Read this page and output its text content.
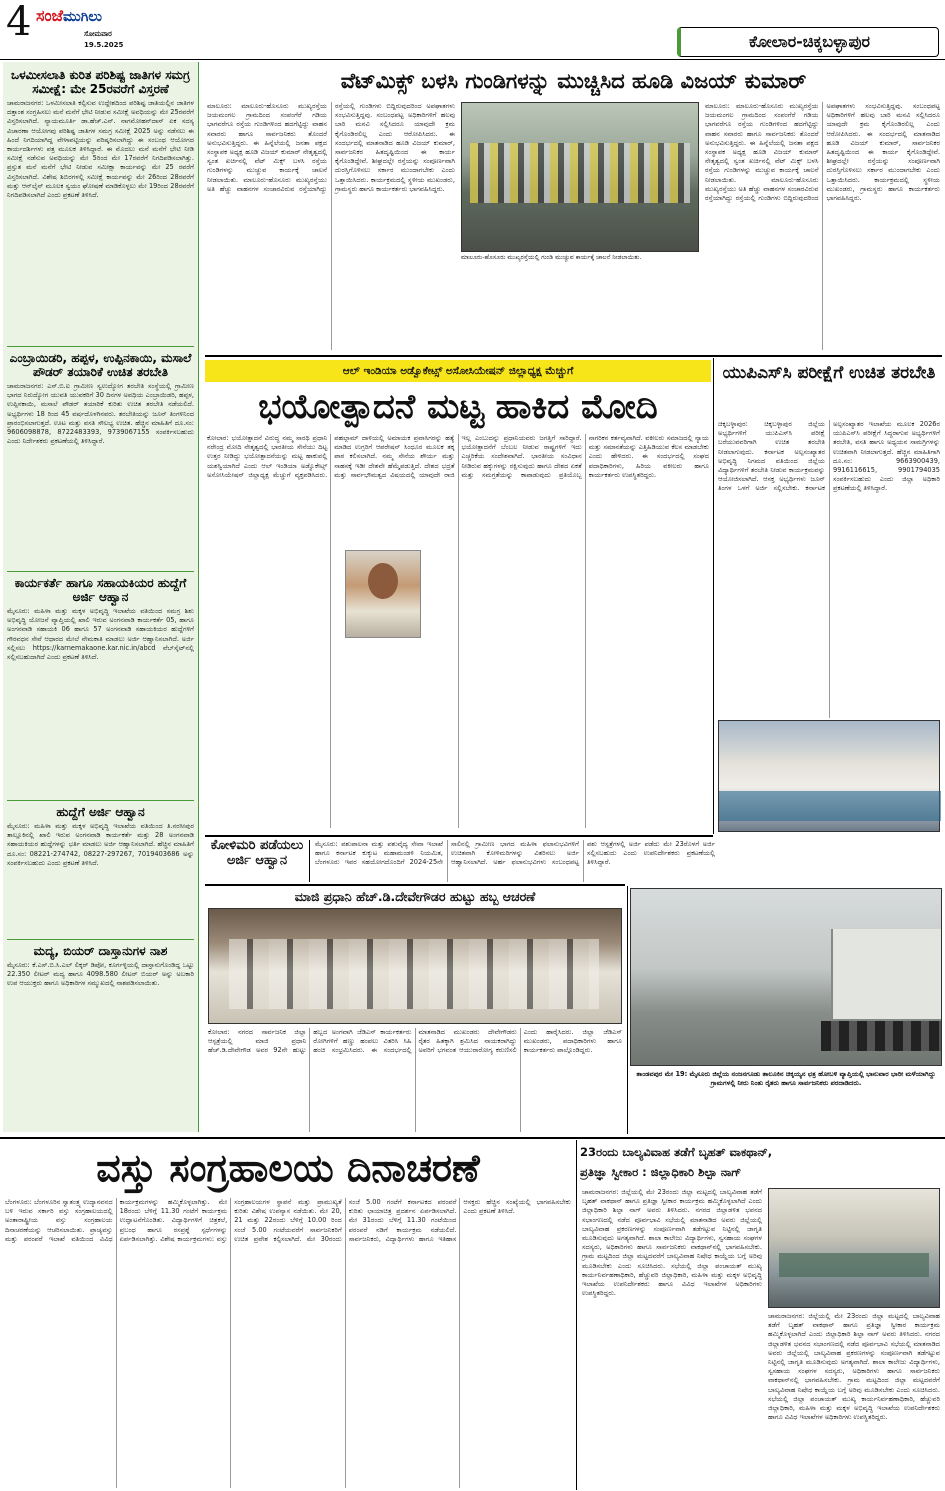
4 ಸಂಜೆಮುಗಿಲು
ಸೋಮವಾರ
19.5.2025	ಕೋಲಾರ-ಚಿಕ್ಕಬಳ್ಳಾಪುರ
ಒಳಮೀಸಲಾತಿ ಕುರಿತ ಪರಿಶಿಷ್ಟ ಜಾತಿಗಳ ಸಮಗ್ರ ಸಮೀಕ್ಷೆ: ಮೇ 25ರವರೆಗೆ ವಿಸ್ತರಣೆ
ಚಾಮರಾಜನಗರ: ಒಳಮೀಸಲಾತಿ ಕಲ್ಪಿಸುವ ಉದ್ದೇಶದಿಂದ ಪರಿಶಿಷ್ಟ ಜಾತಿಯಲ್ಲಿನ ಜಾತಿಗಳ ದತ್ತಾಂಶ ಸಂಗ್ರಹಿಸಲು ಮನೆ ಮನೆಗೆ ಭೇಟಿ ನೀಡುವ ಸಮೀಕ್ಷೆ ಅವಧಿಯನ್ನು ಮೇ 25ರವರೆಗೆ ವಿಸ್ತರಿಸಲಾಗಿದೆ. ನ್ಯಾಯಮೂರ್ತಿ ಡಾ.ಹೆಚ್.ಎನ್. ನಾಗಮೋಹನ್‌ದಾಸ್ ಏಕ ಸದಸ್ಯ ವಿಚಾರಣಾ ಆಯೋಗವು ಪರಿಶಿಷ್ಟ ಜಾತಿಗಳ ಸಮಗ್ರ ಸಮೀಕ್ಷೆ 2025 ಅನ್ನು ನಡೆಸಲು ಈ ಹಿಂದೆ ನಿಗದಿಯಾಗಿದ್ದ ವೇಳಾಪಟ್ಟಿಯನ್ನು ಪರಿಷ್ಕರಿಸಲಾಗಿದ್ದು ಈ ಸಂಬಂಧ ಆಯೋಗದ ಕಾರ್ಯದರ್ಶಿಗಳು ಪತ್ರ ಮೂಲಕ ತಿಳಿಸಿದ್ದಾರೆ. ಈ ಮೊದಲು ಮನೆ ಮನೆಗೆ ಭೇಟಿ ನೀಡಿ ಸಮೀಕ್ಷೆ ನಡೆಸುವ ಅವಧಿಯನ್ನು ಮೇ 5ರಿಂದ ಮೇ 17ರವರೆಗೆ ನಿಗದಿಪಡಿಸಲಾಗಿತ್ತು. ಪ್ರಸ್ತುತ ಮನೆ ಮನೆಗೆ ಭೇಟಿ ನೀಡುವ ಸಮೀಕ್ಷಾ ಕಾರ್ಯವನ್ನು ಮೇ 25 ರವರೆಗೆ ವಿಸ್ತರಿಸಲಾಗಿದೆ. ವಿಶೇಷ ಶಿಬಿರಗಳಲ್ಲಿ ಸಮೀಕ್ಷೆ ಕಾರ್ಯವನ್ನು ಮೇ 26ರಿಂದ 28ರವರೆಗೆ ಮತ್ತು ಆನ್‌ಲೈನ್ ಮೂಲಕ ಸ್ವಯಂ ಘೋಷಣೆ ಮಾಡಿಕೊಳ್ಳಲು ಮೇ 19ರಿಂದ 28ರವರೆಗೆ ನಿಗದಿಪಡಿಸಲಾಗಿದೆ ಎಂದು ಪ್ರಕಟಣೆ ತಿಳಿಸಿದೆ.
ಎಂಬ್ರಾಯಿಡರಿ, ಹಪ್ಪಳ, ಉಪ್ಪಿನಕಾಯಿ, ಮಸಾಲೆ ಪೌಡರ್ ತಯಾರಿಕೆ ಉಚಿತ ತರಬೇತಿ
ಚಾಮರಾಜನಗರ: ಎಸ್.ಬಿ.ಐ ಗ್ರಾಮೀಣ ಸ್ವಉದ್ಯೋಗ ತರಬೇತಿ ಸಂಸ್ಥೆಯಲ್ಲಿ ಗ್ರಾಮೀಣ ಭಾಗದ ನಿರುದ್ಯೋಗ ಯುವತಿ ಯುವಕರಿಗೆ 30 ದಿನಗಳ ಅವಧಿಯ ಎಂಬ್ರಾಯಿಡರಿ, ಹಪ್ಪಳ, ಉಪ್ಪಿನಕಾಯಿ, ಮಸಾಲೆ ಪೌಡರ್ ತಯಾರಿಕೆ ಕುರಿತು ಉಚಿತ ತರಬೇತಿ ನಡೆಯಲಿದೆ. ಅಭ್ಯರ್ಥಿಗಳು 18 ರಿಂದ 45 ವರ್ಷದೊಳಗಿನವರು. ತರಬೇತಿಯನ್ನು ಜೂನ್ ತಿಂಗಳಿನಿಂದ ಪ್ರಾರಂಭಿಸಲಾಗುತ್ತದೆ. ಊಟ ಮತ್ತು ವಸತಿ ಸೌಲಭ್ಯ ಉಚಿತ. ಹೆಚ್ಚಿನ ಮಾಹಿತಿಗೆ ದೂ.ಸಂ: 9606098878, 8722483393, 9739067155 ಸಂಪರ್ಕಿಸಬಹುದು ಎಂದು ನಿರ್ದೇಶಕರು ಪ್ರಕಟಣೆಯಲ್ಲಿ ತಿಳಿಸಿದ್ದಾರೆ.
ಕಾರ್ಯಕರ್ತೆ ಹಾಗೂ ಸಹಾಯಕಿಯರ ಹುದ್ದೆಗೆ ಅರ್ಜಿ ಆಹ್ವಾನ
ಮೈಸೂರು: ಮಹಿಳಾ ಮತ್ತು ಮಕ್ಕಳ ಅಭಿವೃದ್ಧಿ ಇಲಾಖೆಯ ವತಿಯಿಂದ ಸಮಗ್ರ ಶಿಶು ಅಭಿವೃದ್ಧಿ ಯೋಜನೆ ವ್ಯಾಪ್ತಿಯಲ್ಲಿ ಖಾಲಿ ಇರುವ ಅಂಗನವಾಡಿ ಕಾರ್ಯಕರ್ತೆ 05, ಹಾಗೂ ಅಂಗನವಾಡಿ ಸಹಾಯಕಿ 06 ಹಾಗೂ 57 ಅಂಗನವಾಡಿ ಸಹಾಯಕಿಯರ ಹುದ್ದೆಗಳಿಗೆ ಗೌರವಧನ ಸೇವೆ ಆಧಾರದ ಮೇಲೆ ನೇಮಕಾತಿ ಮಾಡಲು ಅರ್ಜಿ ಆಹ್ವಾನಿಸಲಾಗಿದೆ. ಅರ್ಜಿ ಸಲ್ಲಿಸಲು https://karnemakaone.kar.nic.in/abcd ವೆಬ್‌ಸೈಟ್‌ನಲ್ಲಿ ಸಲ್ಲಿಸಬಹುದಾಗಿದೆ ಎಂದು ಪ್ರಕಟಣೆ ತಿಳಿಸಿದೆ.
ಹುದ್ದೆಗೆ ಅರ್ಜಿ ಆಹ್ವಾನ
ಮೈಸೂರು: ಮಹಿಳಾ ಮತ್ತು ಮಕ್ಕಳ ಅಭಿವೃದ್ಧಿ ಇಲಾಖೆಯ ವತಿಯಿಂದ ತಿ.ನರಸೀಪುರ ತಾಲ್ಲೂಕಿನಲ್ಲಿ ಖಾಲಿ ಇರುವ ಅಂಗನವಾಡಿ ಕಾರ್ಯಕರ್ತೆ ಮತ್ತು 28 ಅಂಗನವಾಡಿ ಸಹಾಯಕಿಯರ ಹುದ್ದೆಗಳನ್ನು ಭರ್ತಿ ಮಾಡಲು ಅರ್ಜಿ ಆಹ್ವಾನಿಸಲಾಗಿದೆ. ಹೆಚ್ಚಿನ ಮಾಹಿತಿಗೆ ದೂ.ಸಂ: 08221-274742, 08227-297267, 7019403686 ಅನ್ನು ಸಂಪರ್ಕಿಸಬಹುದು ಎಂದು ಪ್ರಕಟಣೆ ತಿಳಿಸಿದೆ.
ಮದ್ಯ, ಬಿಯರ್ ದಾಸ್ತಾನುಗಳ ನಾಶ
ಮೈಸೂರು: ಕೆ.ಎಸ್.ಬಿ.ಸಿ.ಎಲ್ ಲಿಕ್ಕರ್ ಡಿಪೋ, ಕೂರ್ಗಳ್ಳಿಯಲ್ಲಿ ದಾಸ್ತಾನುಗೊಂಡಿದ್ದ ಒಟ್ಟು 22.350 ಲೀಟರ್ ಮದ್ಯ ಹಾಗೂ 4098.580 ಲೀಟರ್ ಬಿಯರ್ ಅನ್ನು ಅಬಕಾರಿ ಉಪ ಆಯುಕ್ತರು ಹಾಗೂ ಅಧಿಕಾರಿಗಳ ಸಮ್ಮುಖದಲ್ಲಿ ನಾಶಪಡಿಸಲಾಯಿತು.
ವೆಟ್‌ಮಿಕ್ಸ್ ಬಳಸಿ ಗುಂಡಿಗಳನ್ನು ಮುಚ್ಚಿಸಿದ ಹೂಡಿ ವಿಜಯ್ ಕುಮಾರ್
ಮಾಲೂರು: ಮಾಲೂರು-ಹೊಸೂರು ಮುಖ್ಯರಸ್ತೆಯ ಜಯಮಂಗಲ ಗ್ರಾಮದಿಂದ ಸಂಪಂಗೆರೆ ಗಡಿಯ ಭಾಗವರೆಗೂ ರಸ್ತೆಯ ಗುಂಡಿಗಳಿಂದ ಹದಗೆಟ್ಟಿದ್ದು ವಾಹನ ಸವಾರರು ಹಾಗೂ ಸಾರ್ವಜನಿಕರು ತೊಂದರೆ ಅನುಭವಿಸುತ್ತಿದ್ದರು. ಈ ಹಿನ್ನೆಲೆಯಲ್ಲಿ ಜನತಾ ಪಕ್ಷದ ಸಂಸ್ಥಾಪಕ ಅಧ್ಯಕ್ಷ ಹೂಡಿ ವಿಜಯ್ ಕುಮಾರ್ ನೇತೃತ್ವದಲ್ಲಿ ಸ್ವಂತ ಖರ್ಚಿನಲ್ಲಿ ವೆಟ್ ಮಿಕ್ಸ್ ಬಳಸಿ ರಸ್ತೆಯ ಗುಂಡಿಗಳನ್ನು ಮುಚ್ಚುವ ಕಾರ್ಯಕ್ಕೆ ಚಾಲನೆ ನೀಡಲಾಯಿತು. ಮಾಲೂರು-ಹೊಸೂರು ಮುಖ್ಯರಸ್ತೆಯು ಅತಿ ಹೆಚ್ಚು ವಾಹನಗಳ ಸಂಚಾರವಿರುವ ರಸ್ತೆಯಾಗಿದ್ದು ರಸ್ತೆಯಲ್ಲಿ ಗುಂಡಿಗಳು ಬಿದ್ದಿರುವುದರಿಂದ ಅಪಘಾತಗಳು ಸಂಭವಿಸುತ್ತಿದ್ದವು. ಸಂಬಂಧಪಟ್ಟ ಅಧಿಕಾರಿಗಳಿಗೆ ಹಲವು ಬಾರಿ ಮನವಿ ಸಲ್ಲಿಸಿದರೂ ಯಾವುದೇ ಕ್ರಮ ಕೈಗೊಂಡಿರಲಿಲ್ಲ ಎಂದು ಆರೋಪಿಸಿದರು. ಈ ಸಂದರ್ಭದಲ್ಲಿ ಮಾತನಾಡಿದ ಹೂಡಿ ವಿಜಯ್ ಕುಮಾರ್, ಸಾರ್ವಜನಿಕರ ಹಿತದೃಷ್ಟಿಯಿಂದ ಈ ಕಾರ್ಯ ಕೈಗೊಂಡಿದ್ದೇವೆ. ಶೀಘ್ರದಲ್ಲೇ ರಸ್ತೆಯನ್ನು ಸಂಪೂರ್ಣವಾಗಿ ದುರಸ್ತಿಗೊಳಿಸಲು ಸರ್ಕಾರ ಮುಂದಾಗಬೇಕು ಎಂದು ಒತ್ತಾಯಿಸಿದರು. ಕಾರ್ಯಕ್ರಮದಲ್ಲಿ ಸ್ಥಳೀಯ ಮುಖಂಡರು, ಗ್ರಾಮಸ್ಥರು ಹಾಗೂ ಕಾರ್ಯಕರ್ತರು ಭಾಗವಹಿಸಿದ್ದರು.
ಮಾಲೂರು-ಹೊಸೂರು ಮುಖ್ಯರಸ್ತೆಯಲ್ಲಿ ಗುಂಡಿ ಮುಚ್ಚುವ ಕಾರ್ಯಕ್ಕೆ ಚಾಲನೆ ನೀಡಲಾಯಿತು.
ಮಾಲೂರು: ಮಾಲೂರು-ಹೊಸೂರು ಮುಖ್ಯರಸ್ತೆಯ ಜಯಮಂಗಲ ಗ್ರಾಮದಿಂದ ಸಂಪಂಗೆರೆ ಗಡಿಯ ಭಾಗವರೆಗೂ ರಸ್ತೆಯ ಗುಂಡಿಗಳಿಂದ ಹದಗೆಟ್ಟಿದ್ದು ವಾಹನ ಸವಾರರು ಹಾಗೂ ಸಾರ್ವಜನಿಕರು ತೊಂದರೆ ಅನುಭವಿಸುತ್ತಿದ್ದರು. ಈ ಹಿನ್ನೆಲೆಯಲ್ಲಿ ಜನತಾ ಪಕ್ಷದ ಸಂಸ್ಥಾಪಕ ಅಧ್ಯಕ್ಷ ಹೂಡಿ ವಿಜಯ್ ಕುಮಾರ್ ನೇತೃತ್ವದಲ್ಲಿ ಸ್ವಂತ ಖರ್ಚಿನಲ್ಲಿ ವೆಟ್ ಮಿಕ್ಸ್ ಬಳಸಿ ರಸ್ತೆಯ ಗುಂಡಿಗಳನ್ನು ಮುಚ್ಚುವ ಕಾರ್ಯಕ್ಕೆ ಚಾಲನೆ ನೀಡಲಾಯಿತು. ಮಾಲೂರು-ಹೊಸೂರು ಮುಖ್ಯರಸ್ತೆಯು ಅತಿ ಹೆಚ್ಚು ವಾಹನಗಳ ಸಂಚಾರವಿರುವ ರಸ್ತೆಯಾಗಿದ್ದು ರಸ್ತೆಯಲ್ಲಿ ಗುಂಡಿಗಳು ಬಿದ್ದಿರುವುದರಿಂದ ಅಪಘಾತಗಳು ಸಂಭವಿಸುತ್ತಿದ್ದವು. ಸಂಬಂಧಪಟ್ಟ ಅಧಿಕಾರಿಗಳಿಗೆ ಹಲವು ಬಾರಿ ಮನವಿ ಸಲ್ಲಿಸಿದರೂ ಯಾವುದೇ ಕ್ರಮ ಕೈಗೊಂಡಿರಲಿಲ್ಲ ಎಂದು ಆರೋಪಿಸಿದರು. ಈ ಸಂದರ್ಭದಲ್ಲಿ ಮಾತನಾಡಿದ ಹೂಡಿ ವಿಜಯ್ ಕುಮಾರ್, ಸಾರ್ವಜನಿಕರ ಹಿತದೃಷ್ಟಿಯಿಂದ ಈ ಕಾರ್ಯ ಕೈಗೊಂಡಿದ್ದೇವೆ. ಶೀಘ್ರದಲ್ಲೇ ರಸ್ತೆಯನ್ನು ಸಂಪೂರ್ಣವಾಗಿ ದುರಸ್ತಿಗೊಳಿಸಲು ಸರ್ಕಾರ ಮುಂದಾಗಬೇಕು ಎಂದು ಒತ್ತಾಯಿಸಿದರು. ಕಾರ್ಯಕ್ರಮದಲ್ಲಿ ಸ್ಥಳೀಯ ಮುಖಂಡರು, ಗ್ರಾಮಸ್ಥರು ಹಾಗೂ ಕಾರ್ಯಕರ್ತರು ಭಾಗವಹಿಸಿದ್ದರು.
ಆಲ್ ಇಂಡಿಯಾ ಅಡ್ವೊಕೇಟ್ಸ್ ಅಸೋಸಿಯೇಷನ್ ಜಿಲ್ಲಾಧ್ಯಕ್ಷ ಮೆಚ್ಚುಗೆ
ಭಯೋತ್ಪಾದನೆ ಮಟ್ಟ ಹಾಕಿದ ಮೋದಿ
ಕೋಲಾರ: ಭಯೋತ್ಪಾದನೆ ವಿರುದ್ಧ ನಮ್ಮ ಸಾರಥಿ ಪ್ರಧಾನಿ ನರೇಂದ್ರ ಮೋದಿ ನೇತೃತ್ವದಲ್ಲಿ ಭಾರತೀಯ ಸೇನೆಯು ದಿಟ್ಟ ಉತ್ತರ ನೀಡಿದ್ದು ಭಯೋತ್ಪಾದನೆಯನ್ನು ಮಟ್ಟ ಹಾಕುವಲ್ಲಿ ಯಶಸ್ವಿಯಾಗಿದೆ ಎಂದು ಆಲ್ ಇಂಡಿಯಾ ಅಡ್ವೊಕೇಟ್ಸ್ ಅಸೋಸಿಯೇಷನ್ ಜಿಲ್ಲಾಧ್ಯಕ್ಷ ಮೆಚ್ಚುಗೆ ವ್ಯಕ್ತಪಡಿಸಿದರು. ಪಹಲ್ಗಾಮ್ ದಾಳಿಯಲ್ಲಿ ಅಮಾಯಕ ಪ್ರವಾಸಿಗರನ್ನು ಹತ್ಯೆ ಮಾಡಿದ ಉಗ್ರರಿಗೆ ಆಪರೇಷನ್ ಸಿಂಧೂರ ಮೂಲಕ ತಕ್ಕ ಪಾಠ ಕಲಿಸಲಾಗಿದೆ. ನಮ್ಮ ಸೇನೆಯ ಶೌರ್ಯ ಮತ್ತು ಸಾಹಸಕ್ಕೆ ಇಡೀ ದೇಶವೇ ಹೆಮ್ಮೆಪಡುತ್ತಿದೆ. ದೇಶದ ಭದ್ರತೆ ಮತ್ತು ಸಾರ್ವಭೌಮತ್ವದ ವಿಷಯದಲ್ಲಿ ಯಾವುದೇ ರಾಜಿ ಇಲ್ಲ ಎಂಬುದನ್ನು ಪ್ರಧಾನಿಯವರು ಜಗತ್ತಿಗೆ ಸಾರಿದ್ದಾರೆ. ಭಯೋತ್ಪಾದನೆಗೆ ಬೆಂಬಲ ನೀಡುವ ರಾಷ್ಟ್ರಗಳಿಗೆ ಇದು ಎಚ್ಚರಿಕೆಯ ಸಂದೇಶವಾಗಿದೆ. ಭಾರತೀಯ ಸಂವಿಧಾನ ನೀಡಿರುವ ಹಕ್ಕುಗಳನ್ನು ರಕ್ಷಿಸುವುದು ಹಾಗೂ ದೇಶದ ಏಕತೆ ಮತ್ತು ಸಮಗ್ರತೆಯನ್ನು ಕಾಪಾಡುವುದು ಪ್ರತಿಯೊಬ್ಬ ನಾಗರಿಕನ ಕರ್ತವ್ಯವಾಗಿದೆ. ವಕೀಲರು ಸಮಾಜದಲ್ಲಿ ನ್ಯಾಯ ಮತ್ತು ಸಮಾನತೆಯನ್ನು ಎತ್ತಿಹಿಡಿಯುವ ಕೆಲಸ ಮಾಡಬೇಕು ಎಂದು ಹೇಳಿದರು. ಈ ಸಂದರ್ಭದಲ್ಲಿ ಸಂಘದ ಪದಾಧಿಕಾರಿಗಳು, ಹಿರಿಯ ವಕೀಲರು ಹಾಗೂ ಕಾರ್ಯಕರ್ತರು ಉಪಸ್ಥಿತರಿದ್ದರು.
ಯುಪಿಎಸ್‌ಸಿ ಪರೀಕ್ಷೆಗೆ ಉಚಿತ ತರಬೇತಿ
ಚಿಕ್ಕಬಳ್ಳಾಪುರ: ಚಿಕ್ಕಬಳ್ಳಾಪುರ ಜಿಲ್ಲೆಯ ಅಭ್ಯರ್ಥಿಗಳಿಗೆ ಯುಪಿಎಸ್‌ಸಿ ಪರೀಕ್ಷೆ ಬರೆಯುವವರಿಗಾಗಿ ಉಚಿತ ತರಬೇತಿ ನೀಡಲಾಗುವುದು. ಕರ್ನಾಟಕ ಅಲ್ಪಸಂಖ್ಯಾತರ ಅಭಿವೃದ್ಧಿ ನಿಗಮದ ವತಿಯಿಂದ ಜಿಲ್ಲೆಯ ವಿದ್ಯಾರ್ಥಿಗಳಿಗೆ ತರಬೇತಿ ನೀಡುವ ಕಾರ್ಯಕ್ರಮವನ್ನು ಆಯೋಜಿಸಲಾಗಿದೆ. ಆಸಕ್ತ ಅಭ್ಯರ್ಥಿಗಳು ಜೂನ್ ತಿಂಗಳ ಒಳಗೆ ಅರ್ಜಿ ಸಲ್ಲಿಸಬೇಕು. ಕರ್ನಾಟಕ ಅಲ್ಪಸಂಖ್ಯಾತರ ಇಲಾಖೆಯ ಮೂಲಕ 2026ರ ಯುಪಿಎಸ್‌ಸಿ ಪರೀಕ್ಷೆಗೆ ಸಿದ್ಧರಾಗುವ ಅಭ್ಯರ್ಥಿಗಳಿಗೆ ತರಬೇತಿ, ವಸತಿ ಹಾಗೂ ಅಧ್ಯಯನ ಸಾಮಗ್ರಿಗಳನ್ನು ಉಚಿತವಾಗಿ ನೀಡಲಾಗುತ್ತದೆ. ಹೆಚ್ಚಿನ ಮಾಹಿತಿಗಾಗಿ ದೂ.ಸಂ: 9663900439, 9916116615, 9901794035 ಸಂಪರ್ಕಿಸಬಹುದು ಎಂದು ಜಿಲ್ಲಾ ಅಧಿಕಾರಿ ಪ್ರಕಟಣೆಯಲ್ಲಿ ತಿಳಿಸಿದ್ದಾರೆ.
ಕೋಳಿಮರಿ ಪಡೆಯಲು ಅರ್ಜಿ ಆಹ್ವಾನ
ಮೈಸೂರು: ಪಶುಪಾಲನಾ ಮತ್ತು ಪಶುವೈದ್ಯ ಸೇವಾ ಇಲಾಖೆ ಹಾಗೂ ಕರ್ನಾಟಕ ಕುಕ್ಕುಟ ಮಹಾಮಂಡಳಿ ನಿಯಮಿತ, ಬೆಂಗಳೂರು ಇವರ ಸಹಯೋಗದೊಂದಿಗೆ 2024-25ನೇ ಸಾಲಿನಲ್ಲಿ ಗ್ರಾಮೀಣ ಭಾಗದ ಮಹಿಳಾ ಫಲಾನುಭವಿಗಳಿಗೆ ಉಚಿತವಾಗಿ ಕೋಳಿಮರಿಗಳನ್ನು ವಿತರಿಸಲು ಅರ್ಜಿ ಆಹ್ವಾನಿಸಲಾಗಿದೆ. ಅರ್ಹ ಫಲಾನುಭವಿಗಳು ಸಂಬಂಧಪಟ್ಟ ಪಶು ಆಸ್ಪತ್ರೆಗಳಲ್ಲಿ ಅರ್ಜಿ ಪಡೆದು ಮೇ 23ರೊಳಗೆ ಅರ್ಜಿ ಸಲ್ಲಿಸಬಹುದು ಎಂದು ಉಪನಿರ್ದೇಶಕರು ಪ್ರಕಟಣೆಯಲ್ಲಿ ತಿಳಿಸಿದ್ದಾರೆ.
ಮಾಜಿ ಪ್ರಧಾನಿ ಹೆಚ್.ಡಿ.ದೇವೇಗೌಡರ ಹುಟ್ಟು ಹಬ್ಬ ಆಚರಣೆ
ಕೋಲಾರ: ನಗರದ ಸಾರ್ವಜನಿಕ ಜಿಲ್ಲಾ ಆಸ್ಪತ್ರೆಯಲ್ಲಿ ಮಾಜಿ ಪ್ರಧಾನಿ ಹೆಚ್.ಡಿ.ದೇವೇಗೌಡ ಅವರ 92ನೇ ಹುಟ್ಟು ಹಬ್ಬದ ಅಂಗವಾಗಿ ಜೆಡಿಎಸ್ ಕಾರ್ಯಕರ್ತರು ರೋಗಿಗಳಿಗೆ ಹಣ್ಣು ಹಂಪಲು ವಿತರಿಸಿ ಸಿಹಿ ಹಂಚಿ ಸಂಭ್ರಮಿಸಿದರು. ಈ ಸಂದರ್ಭದಲ್ಲಿ ಮಾತನಾಡಿದ ಮುಖಂಡರು ದೇವೇಗೌಡರು ರೈತರ ಹಿತಕ್ಕಾಗಿ ಶ್ರಮಿಸಿದ ನಾಯಕರಾಗಿದ್ದು ಅವರಿಗೆ ಭಗವಂತ ಆಯುರಾರೋಗ್ಯ ಕರುಣಿಸಲಿ ಎಂದು ಹಾರೈಸಿದರು. ಜಿಲ್ಲಾ ಜೆಡಿಎಸ್ ಮುಖಂಡರು, ಪದಾಧಿಕಾರಿಗಳು ಹಾಗೂ ಕಾರ್ಯಕರ್ತರು ಪಾಲ್ಗೊಂಡಿದ್ದರು.
ತಾಂಡವಪುರ ಮೇ 19: ಮೈಸೂರು ಜಿಲ್ಲೆಯ ನಂಜನಗೂಡು ತಾಲೂಕಿನ ಚಿಕ್ಕಯ್ಯನ ಛತ್ರ ಹೋಬಳಿ ವ್ಯಾಪ್ತಿಯಲ್ಲಿ ಭಾನುವಾರ ಭಾರೀ ಮಳೆಯಾಗಿದ್ದು ಗ್ರಾಮಗಳಲ್ಲಿ ನೀರು ನಿಂತು ರೈತರು ಹಾಗೂ ಸಾರ್ವಜನಿಕರು ಪರದಾಡಿದರು.
ವಸ್ತು ಸಂಗ್ರಹಾಲಯ ದಿನಾಚರಣೆ
ಬೆಂಗಳೂರು: ಬೆಂಗಳೂರಿನ ಸ್ವಾತಂತ್ರ್ಯ ಉದ್ಯಾನವನದ ಬಳಿ ಇರುವ ಸರ್ಕಾರಿ ವಸ್ತು ಸಂಗ್ರಹಾಲಯದಲ್ಲಿ ಅಂತಾರಾಷ್ಟ್ರೀಯ ವಸ್ತು ಸಂಗ್ರಹಾಲಯ ದಿನಾಚರಣೆಯನ್ನು ಆಚರಿಸಲಾಯಿತು. ಪ್ರಾಚ್ಯವಸ್ತು ಮತ್ತು ಪರಂಪರೆ ಇಲಾಖೆ ವತಿಯಿಂದ ವಿವಿಧ ಕಾರ್ಯಕ್ರಮಗಳನ್ನು ಹಮ್ಮಿಕೊಳ್ಳಲಾಗಿತ್ತು. ಮೇ 18ರಂದು ಬೆಳಿಗ್ಗೆ 11.30 ಗಂಟೆಗೆ ಕಾರ್ಯಕ್ರಮ ಉದ್ಘಾಟನೆಗೊಂಡಿತು. ವಿದ್ಯಾರ್ಥಿಗಳಿಗೆ ಚಿತ್ರಕಲೆ, ಪ್ರಬಂಧ ಹಾಗೂ ರಸಪ್ರಶ್ನೆ ಸ್ಪರ್ಧೆಗಳನ್ನು ಏರ್ಪಡಿಸಲಾಗಿತ್ತು. ವಿಶೇಷ ಕಾರ್ಯಕ್ರಮಗಳು: ವಸ್ತು ಸಂಗ್ರಹಾಲಯಗಳ ಸ್ಥಾಪನೆ ಮತ್ತು ಪ್ರಾಮುಖ್ಯತೆ ಕುರಿತು ವಿಶೇಷ ಉಪನ್ಯಾಸ ನಡೆಯಿತು. ಮೇ 20, 21 ಮತ್ತು 22ರಂದು ಬೆಳಿಗ್ಗೆ 10.00 ರಿಂದ ಸಂಜೆ 5.00 ಗಂಟೆಯವರೆಗೆ ಸಾರ್ವಜನಿಕರಿಗೆ ಉಚಿತ ಪ್ರವೇಶ ಕಲ್ಪಿಸಲಾಗಿದೆ. ಮೇ 30ರಂದು ಸಂಜೆ 5.00 ಗಂಟೆಗೆ ಕರ್ನಾಟಕದ ಪರಂಪರೆ ಕುರಿತು ಛಾಯಾಚಿತ್ರ ಪ್ರದರ್ಶನ ಏರ್ಪಡಿಸಲಾಗಿದೆ. ಮೇ 31ರಂದು ಬೆಳಿಗ್ಗೆ 11.30 ಗಂಟೆಯಿಂದ ಪರಂಪರೆ ನಡಿಗೆ ಕಾರ್ಯಕ್ರಮ ನಡೆಯಲಿದೆ. ಸಾರ್ವಜನಿಕರು, ವಿದ್ಯಾರ್ಥಿಗಳು ಹಾಗೂ ಇತಿಹಾಸ ಆಸಕ್ತರು ಹೆಚ್ಚಿನ ಸಂಖ್ಯೆಯಲ್ಲಿ ಭಾಗವಹಿಸಬೇಕು ಎಂದು ಪ್ರಕಟಣೆ ತಿಳಿಸಿದೆ.
23ರಂದು ಬಾಲ್ಯವಿವಾಹ ತಡೆಗೆ ಬೃಹತ್ ವಾಕಥಾನ್,
ಪ್ರತಿಜ್ಞಾ ಸ್ವೀಕಾರ : ಜಿಲ್ಲಾಧಿಕಾರಿ ಶಿಲ್ಪಾ ನಾಗ್
ಚಾಮರಾಜನಗರ: ಜಿಲ್ಲೆಯಲ್ಲಿ ಮೇ 23ರಂದು ಜಿಲ್ಲಾ ಮಟ್ಟದಲ್ಲಿ ಬಾಲ್ಯವಿವಾಹ ತಡೆಗೆ ಬೃಹತ್ ವಾಕಥಾನ್ ಹಾಗೂ ಪ್ರತಿಜ್ಞಾ ಸ್ವೀಕಾರ ಕಾರ್ಯಕ್ರಮ ಹಮ್ಮಿಕೊಳ್ಳಲಾಗಿದೆ ಎಂದು ಜಿಲ್ಲಾಧಿಕಾರಿ ಶಿಲ್ಪಾ ನಾಗ್ ಅವರು ತಿಳಿಸಿದರು. ನಗರದ ಜಿಲ್ಲಾಡಳಿತ ಭವನದ ಸಭಾಂಗಣದಲ್ಲಿ ನಡೆದ ಪೂರ್ವಭಾವಿ ಸಭೆಯಲ್ಲಿ ಮಾತನಾಡಿದ ಅವರು ಜಿಲ್ಲೆಯಲ್ಲಿ ಬಾಲ್ಯವಿವಾಹ ಪ್ರಕರಣಗಳನ್ನು ಸಂಪೂರ್ಣವಾಗಿ ತಡೆಗಟ್ಟುವ ನಿಟ್ಟಿನಲ್ಲಿ ಜಾಗೃತಿ ಮೂಡಿಸುವುದು ಅಗತ್ಯವಾಗಿದೆ. ಶಾಲಾ ಕಾಲೇಜು ವಿದ್ಯಾರ್ಥಿಗಳು, ಸ್ವಸಹಾಯ ಸಂಘಗಳ ಸದಸ್ಯರು, ಅಧಿಕಾರಿಗಳು ಹಾಗೂ ಸಾರ್ವಜನಿಕರು ವಾಕಥಾನ್‌ನಲ್ಲಿ ಭಾಗವಹಿಸಬೇಕು. ಗ್ರಾಮ ಮಟ್ಟದಿಂದ ಜಿಲ್ಲಾ ಮಟ್ಟದವರೆಗೆ ಬಾಲ್ಯವಿವಾಹ ನಿಷೇಧ ಕಾಯ್ದೆಯ ಬಗ್ಗೆ ಅರಿವು ಮೂಡಿಸಬೇಕು ಎಂದು ಸೂಚಿಸಿದರು. ಸಭೆಯಲ್ಲಿ ಜಿಲ್ಲಾ ಪಂಚಾಯತ್ ಮುಖ್ಯ ಕಾರ್ಯನಿರ್ವಹಣಾಧಿಕಾರಿ, ಹೆಚ್ಚುವರಿ ಜಿಲ್ಲಾಧಿಕಾರಿ, ಮಹಿಳಾ ಮತ್ತು ಮಕ್ಕಳ ಅಭಿವೃದ್ಧಿ ಇಲಾಖೆಯ ಉಪನಿರ್ದೇಶಕರು ಹಾಗೂ ವಿವಿಧ ಇಲಾಖೆಗಳ ಅಧಿಕಾರಿಗಳು ಉಪಸ್ಥಿತರಿದ್ದರು.
ಚಾಮರಾಜನಗರ: ಜಿಲ್ಲೆಯಲ್ಲಿ ಮೇ 23ರಂದು ಜಿಲ್ಲಾ ಮಟ್ಟದಲ್ಲಿ ಬಾಲ್ಯವಿವಾಹ ತಡೆಗೆ ಬೃಹತ್ ವಾಕಥಾನ್ ಹಾಗೂ ಪ್ರತಿಜ್ಞಾ ಸ್ವೀಕಾರ ಕಾರ್ಯಕ್ರಮ ಹಮ್ಮಿಕೊಳ್ಳಲಾಗಿದೆ ಎಂದು ಜಿಲ್ಲಾಧಿಕಾರಿ ಶಿಲ್ಪಾ ನಾಗ್ ಅವರು ತಿಳಿಸಿದರು. ನಗರದ ಜಿಲ್ಲಾಡಳಿತ ಭವನದ ಸಭಾಂಗಣದಲ್ಲಿ ನಡೆದ ಪೂರ್ವಭಾವಿ ಸಭೆಯಲ್ಲಿ ಮಾತನಾಡಿದ ಅವರು ಜಿಲ್ಲೆಯಲ್ಲಿ ಬಾಲ್ಯವಿವಾಹ ಪ್ರಕರಣಗಳನ್ನು ಸಂಪೂರ್ಣವಾಗಿ ತಡೆಗಟ್ಟುವ ನಿಟ್ಟಿನಲ್ಲಿ ಜಾಗೃತಿ ಮೂಡಿಸುವುದು ಅಗತ್ಯವಾಗಿದೆ. ಶಾಲಾ ಕಾಲೇಜು ವಿದ್ಯಾರ್ಥಿಗಳು, ಸ್ವಸಹಾಯ ಸಂಘಗಳ ಸದಸ್ಯರು, ಅಧಿಕಾರಿಗಳು ಹಾಗೂ ಸಾರ್ವಜನಿಕರು ವಾಕಥಾನ್‌ನಲ್ಲಿ ಭಾಗವಹಿಸಬೇಕು. ಗ್ರಾಮ ಮಟ್ಟದಿಂದ ಜಿಲ್ಲಾ ಮಟ್ಟದವರೆಗೆ ಬಾಲ್ಯವಿವಾಹ ನಿಷೇಧ ಕಾಯ್ದೆಯ ಬಗ್ಗೆ ಅರಿವು ಮೂಡಿಸಬೇಕು ಎಂದು ಸೂಚಿಸಿದರು. ಸಭೆಯಲ್ಲಿ ಜಿಲ್ಲಾ ಪಂಚಾಯತ್ ಮುಖ್ಯ ಕಾರ್ಯನಿರ್ವಹಣಾಧಿಕಾರಿ, ಹೆಚ್ಚುವರಿ ಜಿಲ್ಲಾಧಿಕಾರಿ, ಮಹಿಳಾ ಮತ್ತು ಮಕ್ಕಳ ಅಭಿವೃದ್ಧಿ ಇಲಾಖೆಯ ಉಪನಿರ್ದೇಶಕರು ಹಾಗೂ ವಿವಿಧ ಇಲಾಖೆಗಳ ಅಧಿಕಾರಿಗಳು ಉಪಸ್ಥಿತರಿದ್ದರು.
